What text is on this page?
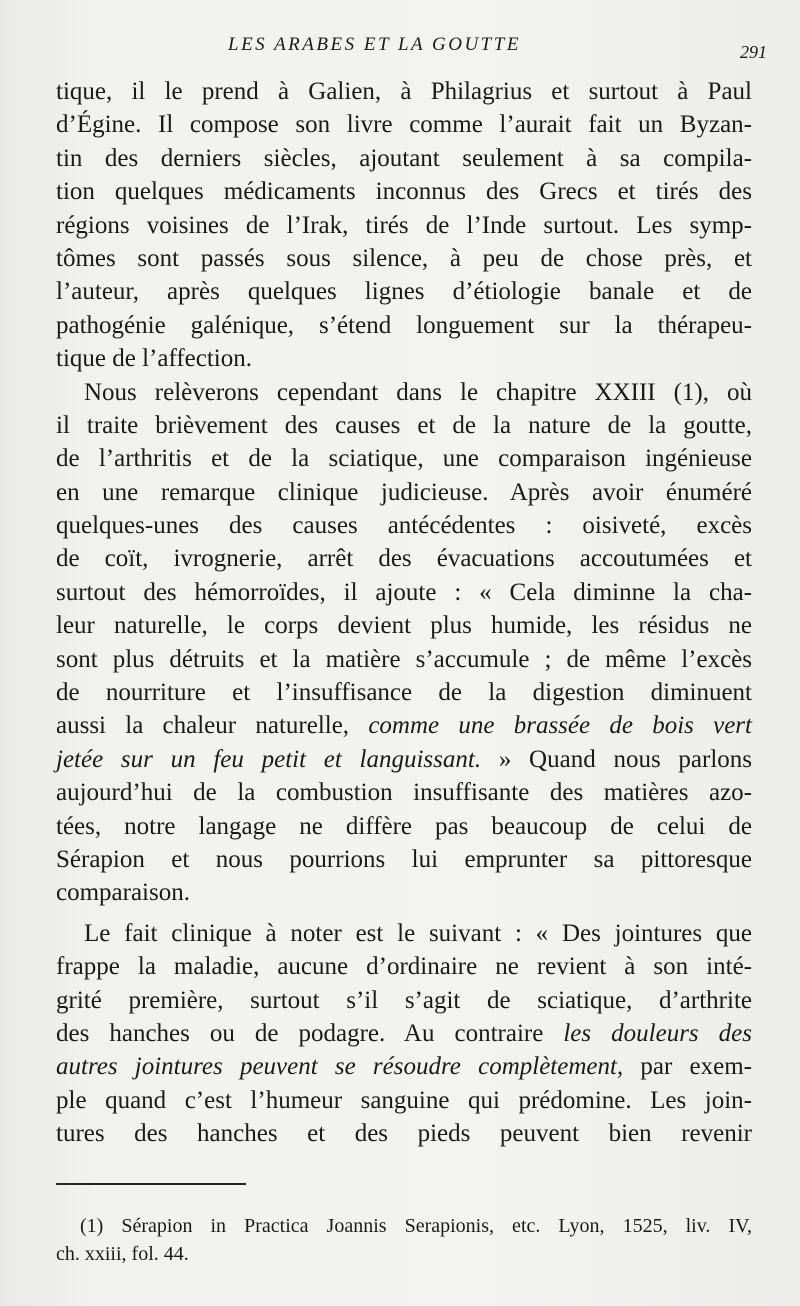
LES ARABES ET LA GOUTTE	291
tique, il le prend à Galien, à Philagrius et surtout à Paul
d’Égine. Il compose son livre comme l’aurait fait un Byzan-
tin des derniers siècles, ajoutant seulement à sa compila-
tion quelques médicaments inconnus des Grecs et tirés des
régions voisines de l’Irak, tirés de l’Inde surtout. Les symp-
tômes sont passés sous silence, à peu de chose près, et
l’auteur, après quelques lignes d’étiologie banale et de
pathogénie galénique, s’étend longuement sur la thérapeu-
tique de l’affection.
Nous relèverons cependant dans le chapitre XXIII (1), où
il traite brièvement des causes et de la nature de la goutte,
de l’arthritis et de la sciatique, une comparaison ingénieuse
en une remarque clinique judicieuse. Après avoir énuméré
quelques-unes des causes antécédentes : oisiveté, excès
de coït, ivrognerie, arrêt des évacuations accoutumées et
surtout des hémorroïdes, il ajoute : « Cela diminne la cha-
leur naturelle, le corps devient plus humide, les résidus ne
sont plus détruits et la matière s’accumule ; de même l’excès
de nourriture et l’insuffisance de la digestion diminuent
aussi la chaleur naturelle, comme une brassée de bois vert
jetée sur un feu petit et languissant. » Quand nous parlons
aujourd’hui de la combustion insuffisante des matières azo-
tées, notre langage ne diffère pas beaucoup de celui de
Sérapion et nous pourrions lui emprunter sa pittoresque
comparaison.
Le fait clinique à noter est le suivant : « Des jointures que
frappe la maladie, aucune d’ordinaire ne revient à son inté-
grité première, surtout s’il s’agit de sciatique, d’arthrite
des hanches ou de podagre. Au contraire les douleurs des
autres jointures peuvent se résoudre complètement, par exem-
ple quand c’est l’humeur sanguine qui prédomine. Les join-
tures des hanches et des pieds peuvent bien revenir
(1) Sérapion in Practica Joannis Serapionis, etc. Lyon, 1525, liv. IV,
ch. xxiii, fol. 44.
